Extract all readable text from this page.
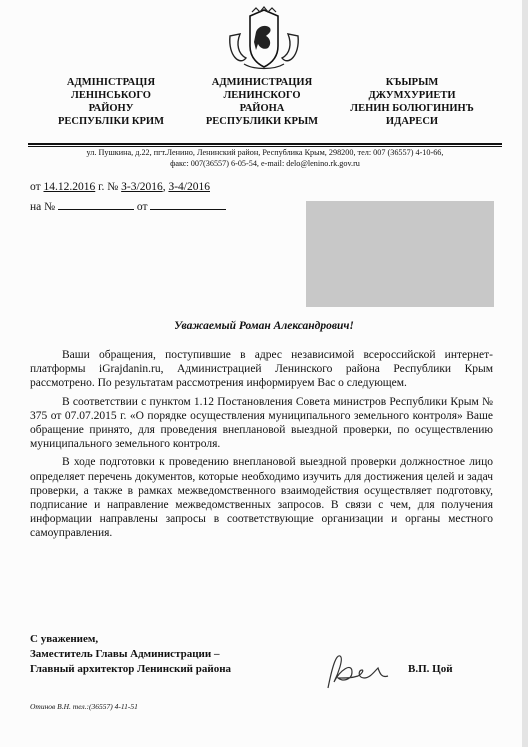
АДМІНІСТРАЦІЯ
ЛЕНІНСЬКОГО
РАЙОНУ
РЕСПУБЛІКИ КРИМ
АДМИНИСТРАЦИЯ
ЛЕНИНСКОГО
РАЙОНА
РЕСПУБЛИКИ КРЫМ
КЪЫРЫМ
ДЖУМХУРИЕТИ
ЛЕНИН БОЛЮГИНИНЪ
ИДАРЕСИ
ул. Пушкина, д.22, пгт.Ленино, Ленинский район, Республика Крым, 298200, тел: 007 (36557) 4-10-66,
факс: 007(36557) 6-05-54, e-mail: delo@lenino.rk.gov.ru
от 14.12.2016 г. № З-3/2016, З-4/2016
на №	от
Уважаемый Роман Александрович!

Ваши обращения, поступившие в адрес независимой всероссийской интернет-платформы iGrajdanin.ru, Администрацией Ленинского района Республики Крым рассмотрено. По результатам рассмотрения информируем Вас о следующем.

В соответствии с пунктом 1.12 Постановления Совета министров Республики Крым № 375 от 07.07.2015 г. «О порядке осуществления муниципального земельного контроля» Ваше обращение принято, для проведения внеплановой выездной проверки, по осуществлению муниципального земельного контроля.

В ходе подготовки к проведению внеплановой выездной проверки должностное лицо определяет перечень документов, которые необходимо изучить для достижения целей и задач проверки, а также в рамках межведомственного взаимодействия осуществляет подготовку, подписание и направление межведомственных запросов. В связи с чем, для получения информации направлены запросы в соответствующие организации и органы местного самоуправления.

С уважением,
Заместитель Главы Администрации –
Главный архитектор Ленинский района	В.П. Цой
Отинов В.Н. тел.:(36557) 4-11-51
